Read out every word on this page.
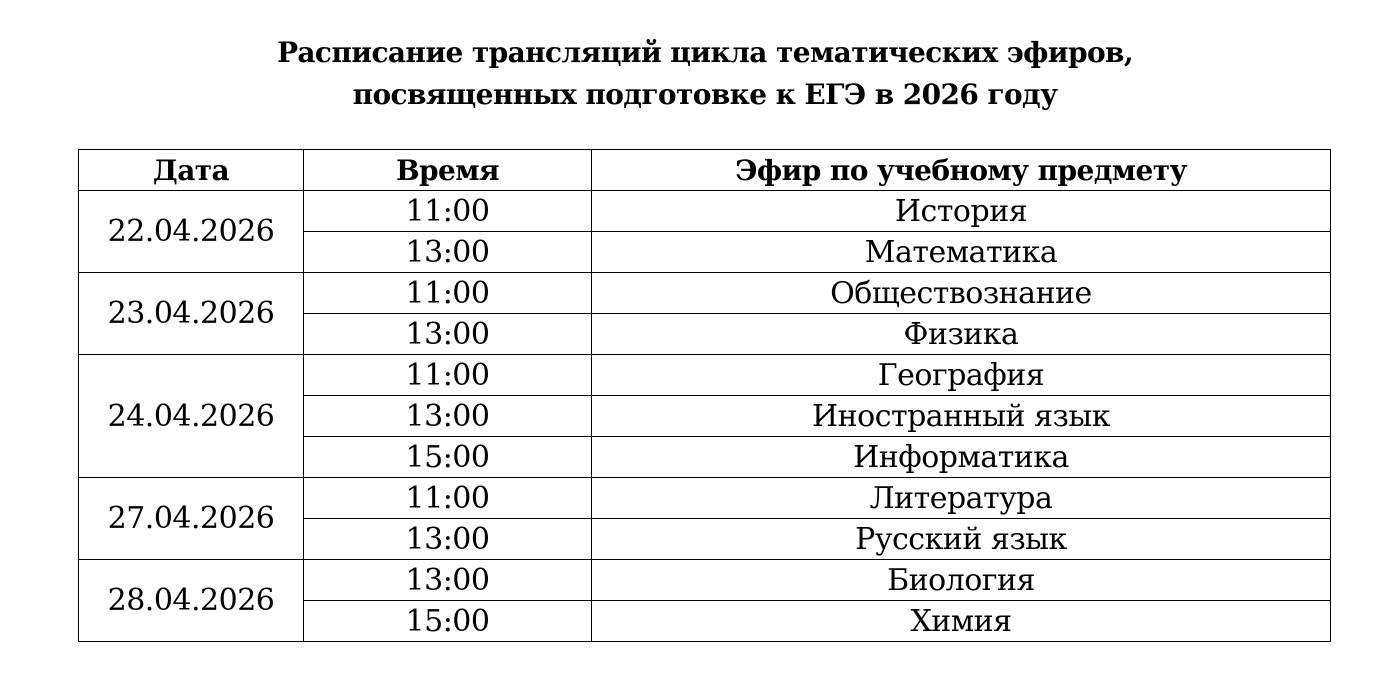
Расписание трансляций цикла тематических эфиров,
посвященных подготовке к ЕГЭ в 2026 году
Дата	Время	Эфир по учебному предмету
22.04.2026	11:00	История
	13:00	Математика
23.04.2026	11:00	Обществознание
	13:00	Физика
24.04.2026	11:00	География
	13:00	Иностранный язык
	15:00	Информатика
27.04.2026	11:00	Литература
	13:00	Русский язык
28.04.2026	13:00	Биология
	15:00	Химия
